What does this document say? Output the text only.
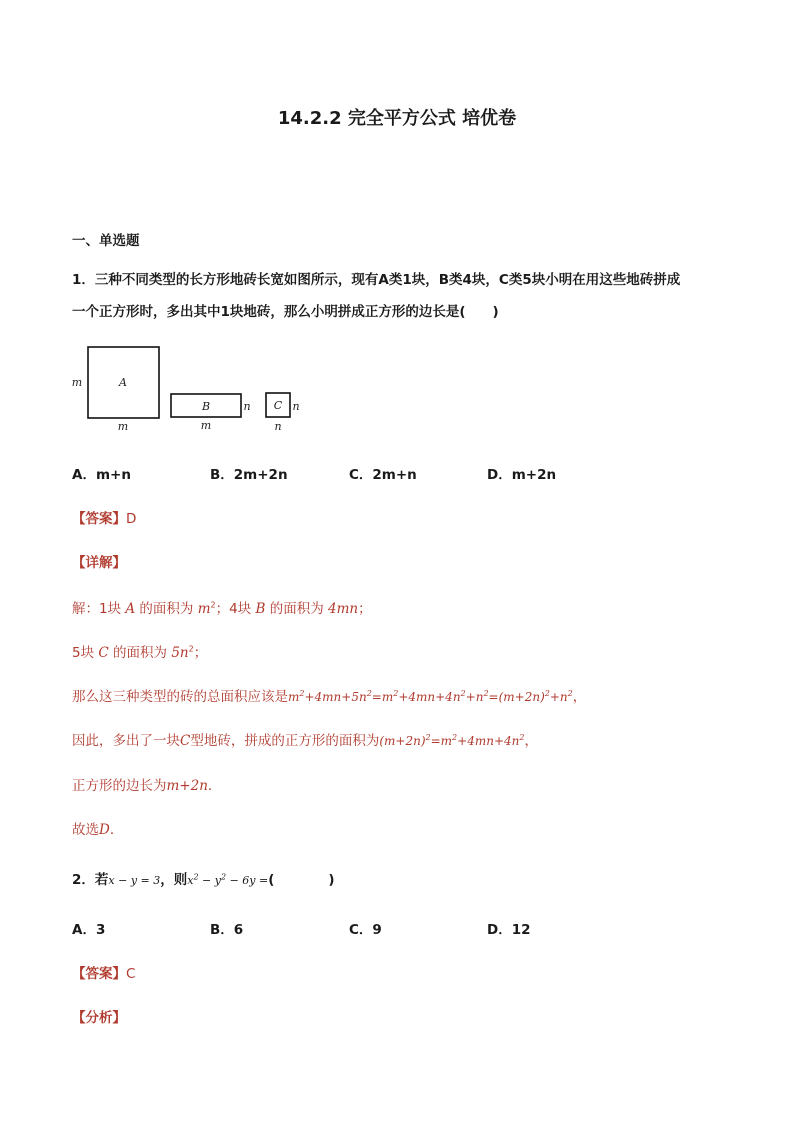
14.2.2 完全平方公式 培优卷
一、单选题
1．三种不同类型的长方形地砖长宽如图所示，现有A类1块，B类4块，C类5块小明在用这些地砖拼成
一个正方形时，多出其中1块地砖，那么小明拼成正方形的边长是(　　)
A
m
m
B	n
m
C n
n
A．m+n	B．2m+2n	C．2m+n	D．m+2n
【答案】D
【详解】
解：1块 A 的面积为 $m^2$；4块 B 的面积为 4mn；
5块 C 的面积为 $5n^2$；
那么这三种类型的砖的总面积应该是$m^2+4mn+5n^2=m^2+4mn+4n^2+n^2=(m+2n)^2+n^2$，
因此，多出了一块C型地砖，拼成的正方形的面积为$(m+2n)^2=m^2+4mn+4n^2$，
正方形的边长为m+2n．
故选D．
2．若x − y = 3，则$x^2 - y^2 - 6y$ =(　　　　)
A．3	B．6	C．9	D．12
【答案】C
【分析】
